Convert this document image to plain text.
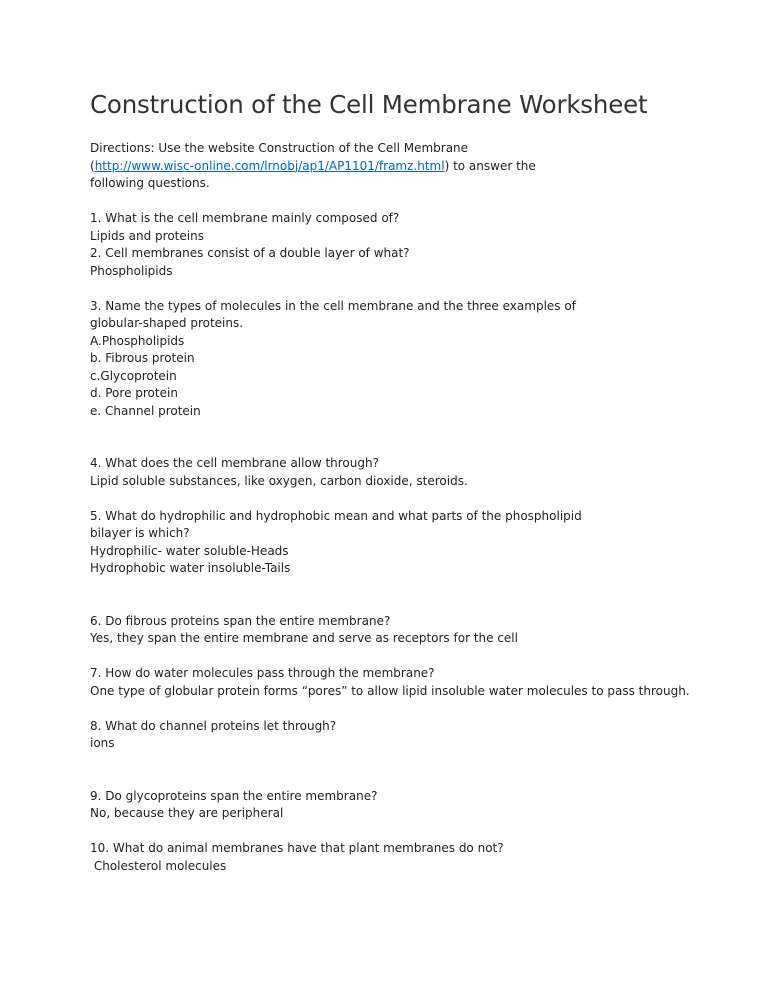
Construction of the Cell Membrane Worksheet
Directions: Use the website Construction of the Cell Membrane
(http://www.wisc-online.com/lrnobj/ap1/AP1101/framz.html) to answer the
following questions.
1. What is the cell membrane mainly composed of?
Lipids and proteins
2. Cell membranes consist of a double layer of what?
Phospholipids
3. Name the types of molecules in the cell membrane and the three examples of
globular-shaped proteins.
A.Phospholipids
b. Fibrous protein
c.Glycoprotein
d. Pore protein
e. Channel protein
4. What does the cell membrane allow through?
Lipid soluble substances, like oxygen, carbon dioxide, steroids.
5. What do hydrophilic and hydrophobic mean and what parts of the phospholipid
bilayer is which?
Hydrophilic- water soluble-Heads
Hydrophobic water insoluble-Tails
6. Do fibrous proteins span the entire membrane?
Yes, they span the entire membrane and serve as receptors for the cell
7. How do water molecules pass through the membrane?
One type of globular protein forms “pores” to allow lipid insoluble water molecules to pass through.
8. What do channel proteins let through?
ions
9. Do glycoproteins span the entire membrane?
No, because they are peripheral
10. What do animal membranes have that plant membranes do not?
Cholesterol molecules
